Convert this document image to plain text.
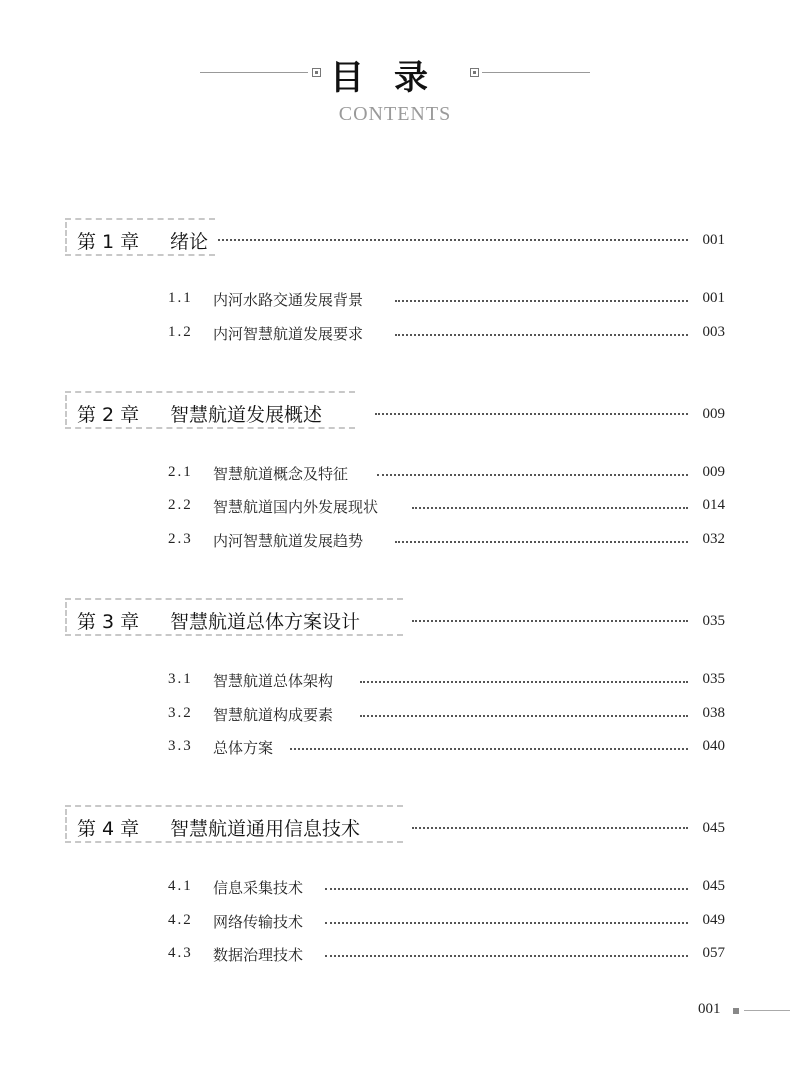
目录
CONTENTS
第 1 章 绪论	001
1.1 内河水路交通发展背景	001
1.2 内河智慧航道发展要求	003
第 2 章 智慧航道发展概述	009
2.1 智慧航道概念及特征	009
2.2 智慧航道国内外发展现状	014
2.3 内河智慧航道发展趋势	032
第 3 章 智慧航道总体方案设计	035
3.1 智慧航道总体架构	035
3.2 智慧航道构成要素	038
3.3 总体方案	040
第 4 章 智慧航道通用信息技术	045
4.1 信息采集技术	045
4.2 网络传输技术	049
4.3 数据治理技术	057
001
